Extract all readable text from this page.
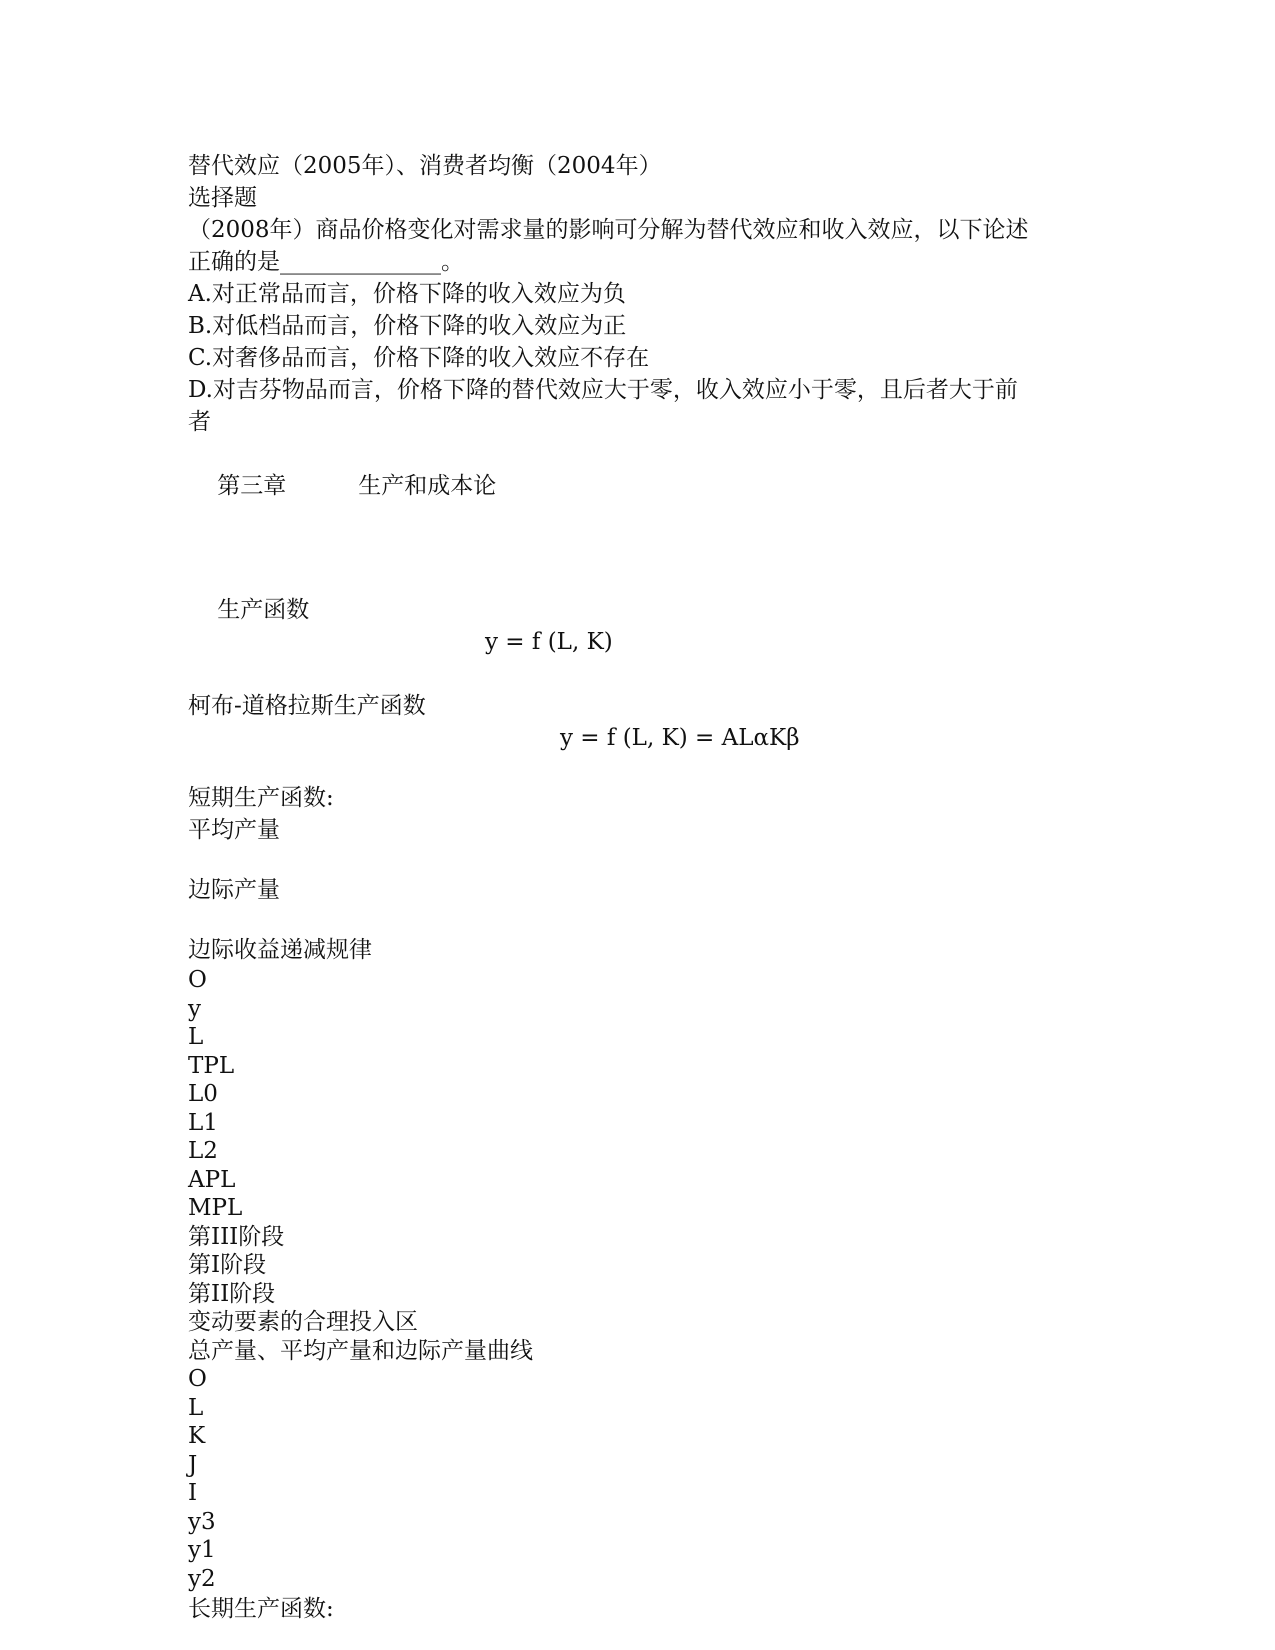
替代效应（2005年）、消费者均衡（2004年）
选择题
（2008年）商品价格变化对需求量的影响可分解为替代效应和收入效应，以下论述
正确的是______________。
A.对正常品而言，价格下降的收入效应为负
B.对低档品而言，价格下降的收入效应为正
C.对奢侈品而言，价格下降的收入效应不存在
D.对吉芬物品而言，价格下降的替代效应大于零，收入效应小于零，且后者大于前
者

第三章	生产和成本论

生产函数

y = f (L, K)

柯布-道格拉斯生产函数
y = f (L, K) = ALαKβ
短期生产函数:
平均产量
边际产量
边际收益递减规律
O
y
L
TPL
L0
L1
L2
APL
MPL
第III阶段
第I阶段
第II阶段
变动要素的合理投入区
总产量、平均产量和边际产量曲线
O
L
K
J
I
y3
y1
y2
长期生产函数:
